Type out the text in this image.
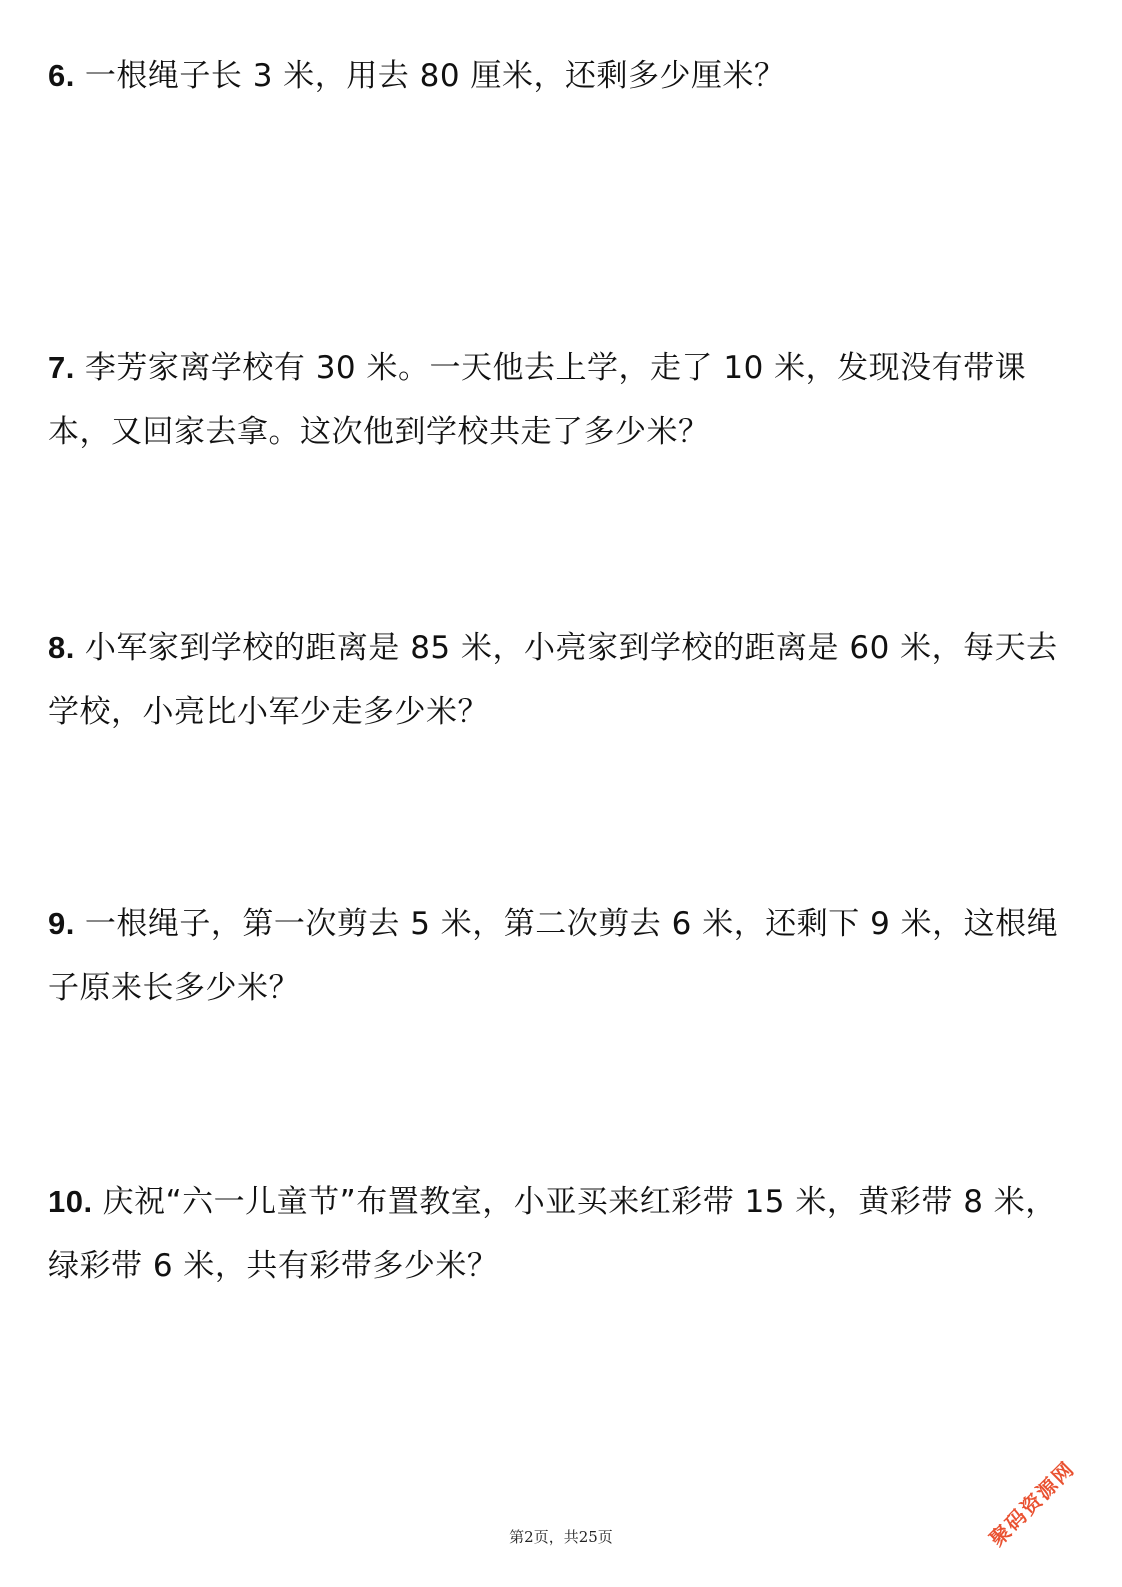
6. 一根绳子长 3 米，用去 80 厘米，还剩多少厘米？
7. 李芳家离学校有 30 米。一天他去上学，走了 10 米，发现没有带课本，又回家去拿。这次他到学校共走了多少米？
8. 小军家到学校的距离是 85 米，小亮家到学校的距离是 60 米，每天去学校，小亮比小军少走多少米？
9. 一根绳子，第一次剪去 5 米，第二次剪去 6 米，还剩下 9 米，这根绳子原来长多少米？
10. 庆祝“六一儿童节”布置教室，小亚买来红彩带 15 米，黄彩带 8 米，绿彩带 6 米，共有彩带多少米？
聚码资源网
第2页，共25页
